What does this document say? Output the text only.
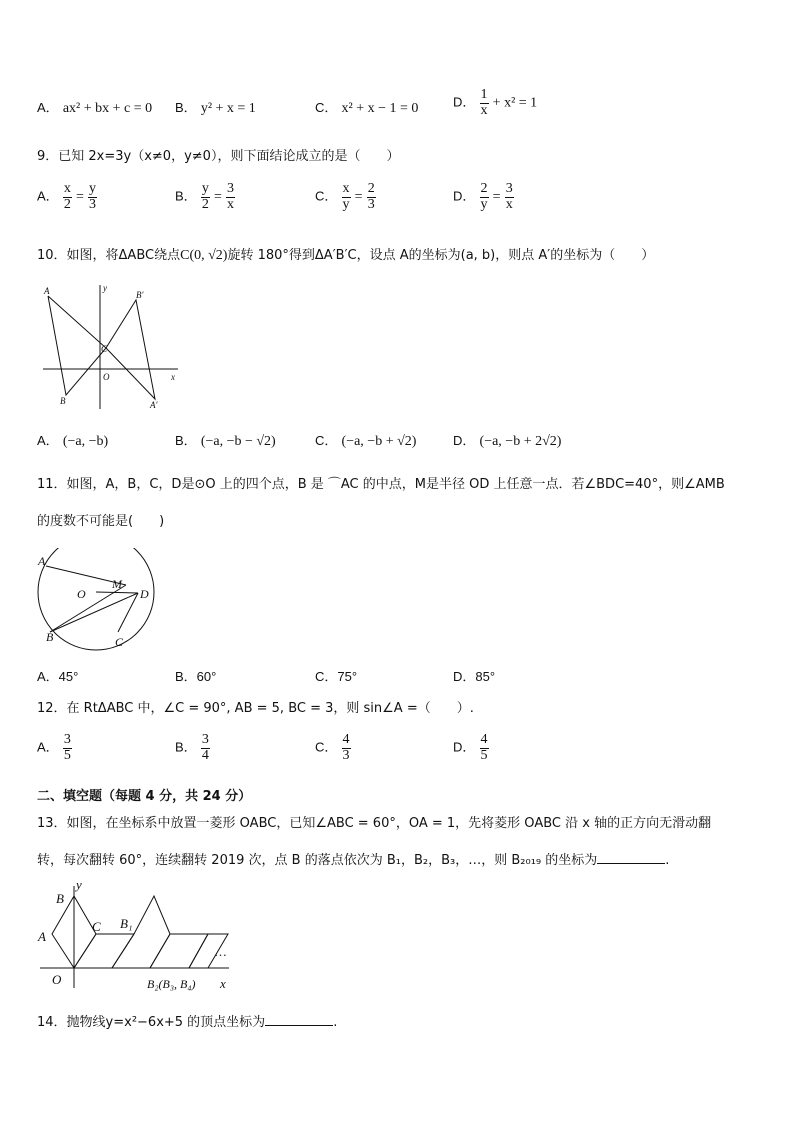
A． ax² + bx + c = 0 B． y² + x = 1	C． x² + x − 1 = 0	D． $\frac{1}{x} + x^2 = 1$
9．已知 2x=3y（x≠0，y≠0），则下面结论成立的是（　　）
A． $\frac{x}{2} = \frac{y}{3}$	B． $\frac{y}{2} = \frac{3}{x}$	C． $\frac{x}{y} = \frac{2}{3}$	D． $\frac{2}{y} = \frac{3}{x}$
10．如图，将ΔABC绕点C(0, √2)旋转 180°得到ΔA′B′C，设点 A的坐标为(a, b)，则点 A′的坐标为（　　）
A
B
B'
C
O
A'
x
y
A． (−a, −b)	B． (−a, −b − √2)	C． (−a, −b + √2)	D． (−a, −b + 2√2)
11．如图，A，B，C，D是⊙O 上的四个点，B 是 ⌒AC 的中点，M是半径 OD 上任意一点．若∠BDC=40°，则∠AMB
的度数不可能是(　　)
A
O
M
D
B	C
A．45°	B．60°	C．75°	D．85°
12．在 RtΔABC 中，∠C = 90°, AB = 5, BC = 3，则 sin∠A =（　　）.
A． $\frac{3}{5}$	B． $\frac{3}{4}$	C． $\frac{4}{3}$	D． $\frac{4}{5}$
二、填空题（每题 4 分，共 24 分）
13．如图，在坐标系中放置一菱形 OABC，已知∠ABC = 60°，OA = 1，先将菱形 OABC 沿 x 轴的正方向无滑动翻
转，每次翻转 60°，连续翻转 2019 次，点 B 的落点依次为 B₁，B₂，B₃，…，则 B₂₀₁₉ 的坐标为	.
y
B
C B₁
A
O	B₂(B₃, B₄) x
…
14．抛物线y=x²−6x+5 的顶点坐标为	.
